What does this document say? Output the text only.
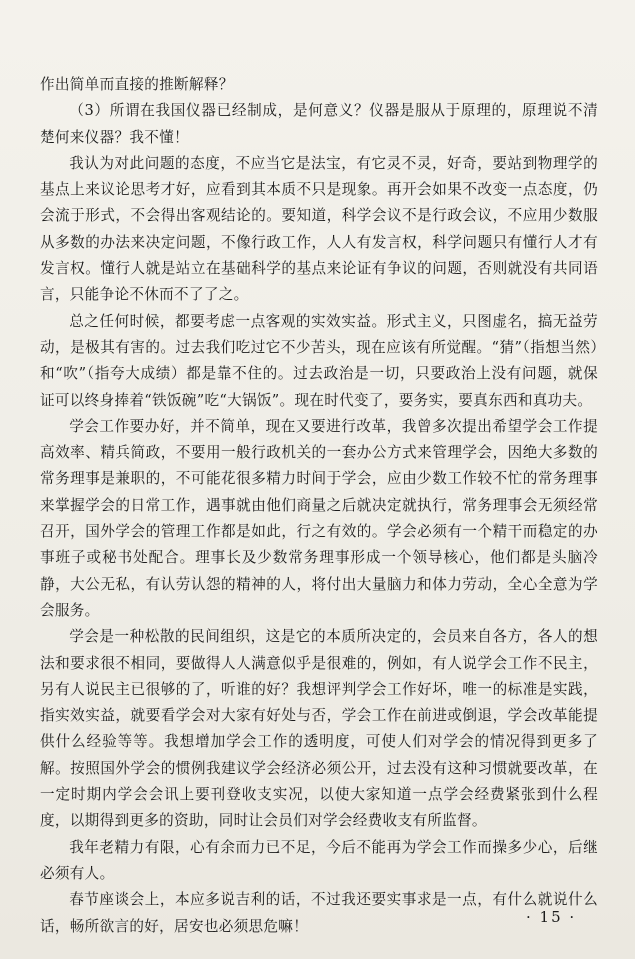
作出简单而直接的推断解释？

（3）所谓在我国仪器已经制成，是何意义？仪器是服从于原理的，原理说不清楚何来仪器？我不懂！

我认为对此问题的态度，不应当它是法宝，有它灵不灵，好奇，要站到物理学的基点上来议论思考才好，应看到其本质不只是现象。再开会如果不改变一点态度，仍会流于形式，不会得出客观结论的。要知道，科学会议不是行政会议，不应用少数服从多数的办法来决定问题，不像行政工作，人人有发言权，科学问题只有懂行人才有发言权。懂行人就是站立在基础科学的基点来论证有争议的问题，否则就没有共同语言，只能争论不休而不了了之。

总之任何时候，都要考虑一点客观的实效实益。形式主义，只图虚名，搞无益劳动，是极其有害的。过去我们吃过它不少苦头，现在应该有所觉醒。“猜”（指想当然）和“吹”（指夸大成绩）都是靠不住的。过去政治是一切，只要政治上没有问题，就保证可以终身捧着“铁饭碗”吃“大锅饭”。现在时代变了，要务实，要真东西和真功夫。

学会工作要办好，并不简单，现在又要进行改革，我曾多次提出希望学会工作提高效率、精兵简政，不要用一般行政机关的一套办公方式来管理学会，因绝大多数的常务理事是兼职的，不可能花很多精力时间于学会，应由少数工作较不忙的常务理事来掌握学会的日常工作，遇事就由他们商量之后就决定就执行，常务理事会无须经常召开，国外学会的管理工作都是如此，行之有效的。学会必须有一个精干而稳定的办事班子或秘书处配合。理事长及少数常务理事形成一个领导核心，他们都是头脑冷静，大公无私，有认劳认怨的精神的人，将付出大量脑力和体力劳动，全心全意为学会服务。

学会是一种松散的民间组织，这是它的本质所决定的，会员来自各方，各人的想法和要求很不相同，要做得人人满意似乎是很难的，例如，有人说学会工作不民主，另有人说民主已很够的了，听谁的好？我想评判学会工作好坏，唯一的标准是实践，指实效实益，就要看学会对大家有好处与否，学会工作在前进或倒退，学会改革能提供什么经验等等。我想增加学会工作的透明度，可使人们对学会的情况得到更多了解。按照国外学会的惯例我建议学会经济必须公开，过去没有这种习惯就要改革，在一定时期内学会会讯上要刊登收支实况，以使大家知道一点学会经费紧张到什么程度，以期得到更多的资助，同时让会员们对学会经费收支有所监督。

我年老精力有限，心有余而力已不足，今后不能再为学会工作而操多少心，后继必须有人。

春节座谈会上，本应多说吉利的话，不过我还要实事求是一点，有什么就说什么话，畅所欲言的好，居安也必须思危嘛！	· 15 ·
